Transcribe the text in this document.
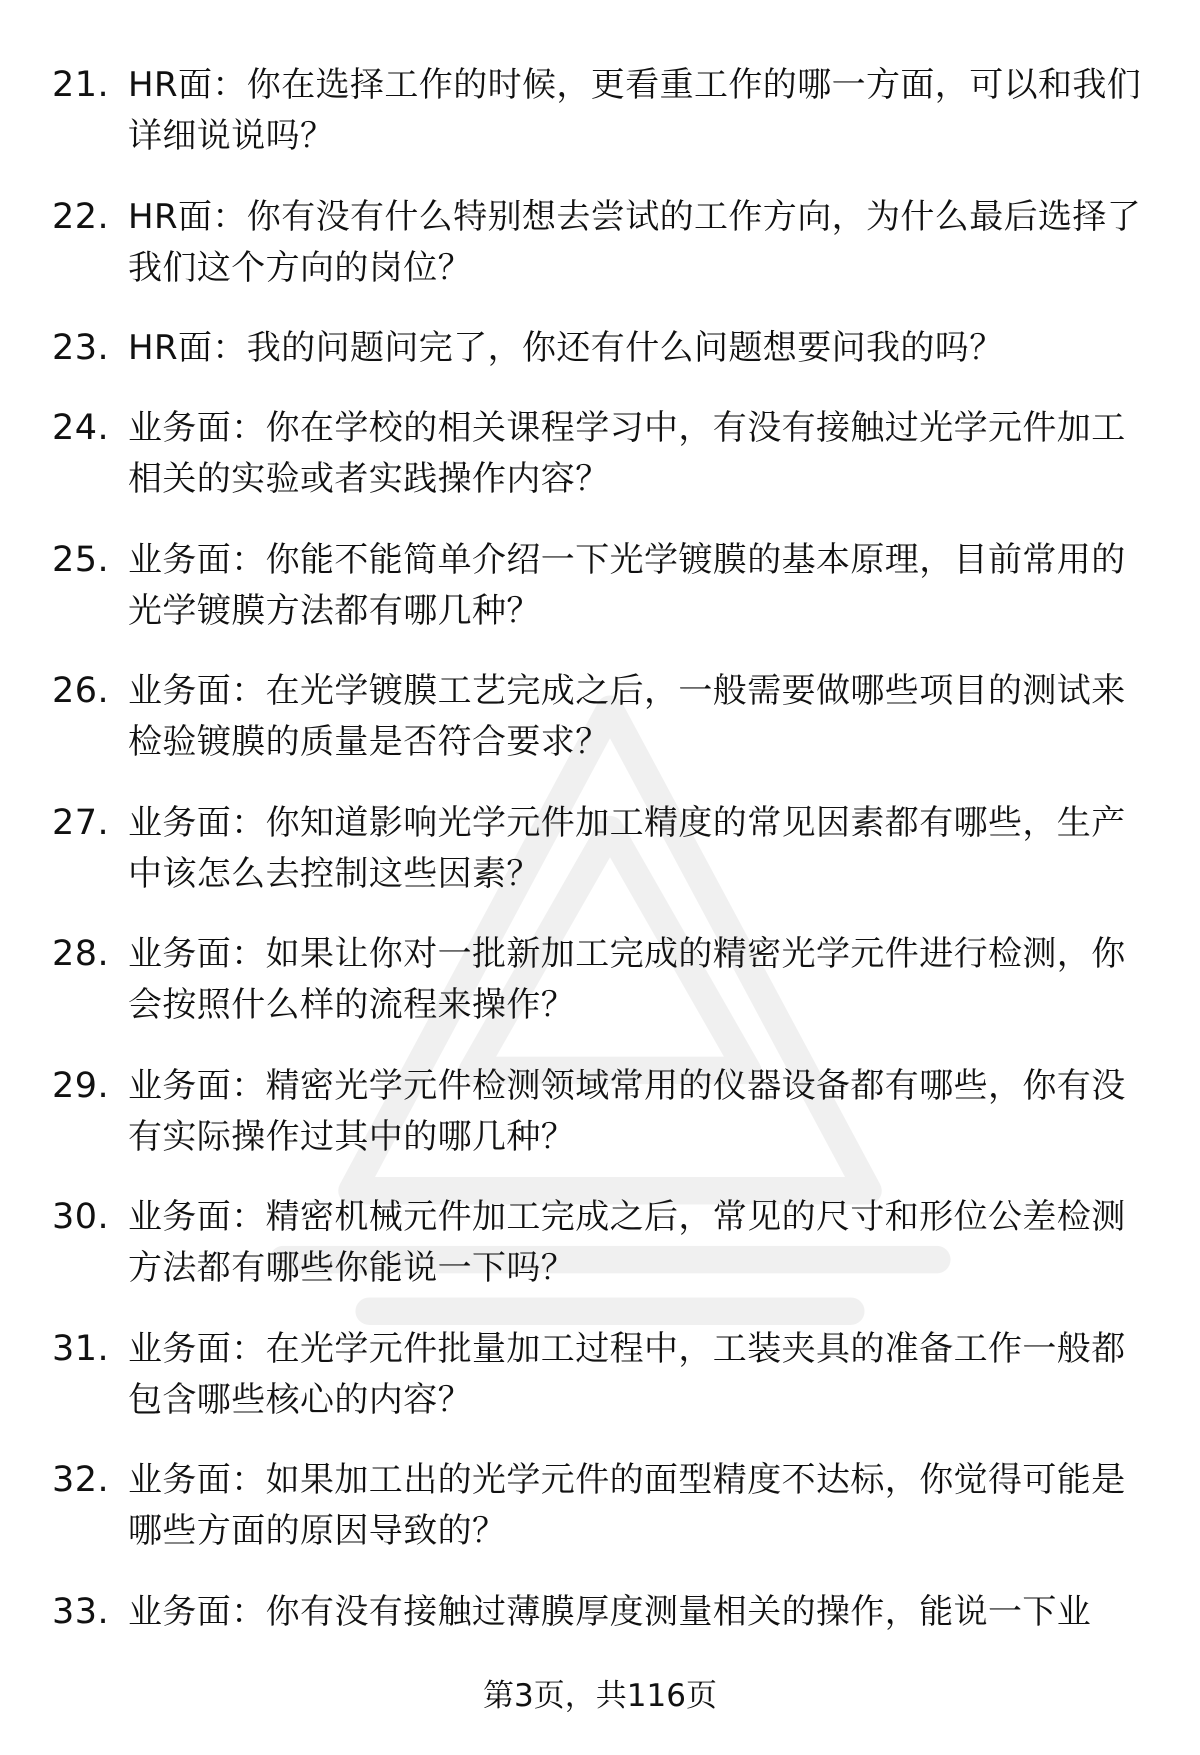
21. HR面：你在选择工作的时候，更看重工作的哪一方面，可以和我们详细说说吗？
22. HR面：你有没有什么特别想去尝试的工作方向，为什么最后选择了我们这个方向的岗位？
23. HR面：我的问题问完了，你还有什么问题想要问我的吗？
24. 业务面：你在学校的相关课程学习中，有没有接触过光学元件加工相关的实验或者实践操作内容？
25. 业务面：你能不能简单介绍一下光学镀膜的基本原理，目前常用的光学镀膜方法都有哪几种？
26. 业务面：在光学镀膜工艺完成之后，一般需要做哪些项目的测试来检验镀膜的质量是否符合要求？
27. 业务面：你知道影响光学元件加工精度的常见因素都有哪些，生产中该怎么去控制这些因素？
28. 业务面：如果让你对一批新加工完成的精密光学元件进行检测，你会按照什么样的流程来操作？
29. 业务面：精密光学元件检测领域常用的仪器设备都有哪些，你有没有实际操作过其中的哪几种？
30. 业务面：精密机械元件加工完成之后，常见的尺寸和形位公差检测方法都有哪些你能说一下吗？
31. 业务面：在光学元件批量加工过程中，工装夹具的准备工作一般都包含哪些核心的内容？
32. 业务面：如果加工出的光学元件的面型精度不达标，你觉得可能是哪些方面的原因导致的？
33. 业务面：你有没有接触过薄膜厚度测量相关的操作，能说一下业
第3页，共116页
